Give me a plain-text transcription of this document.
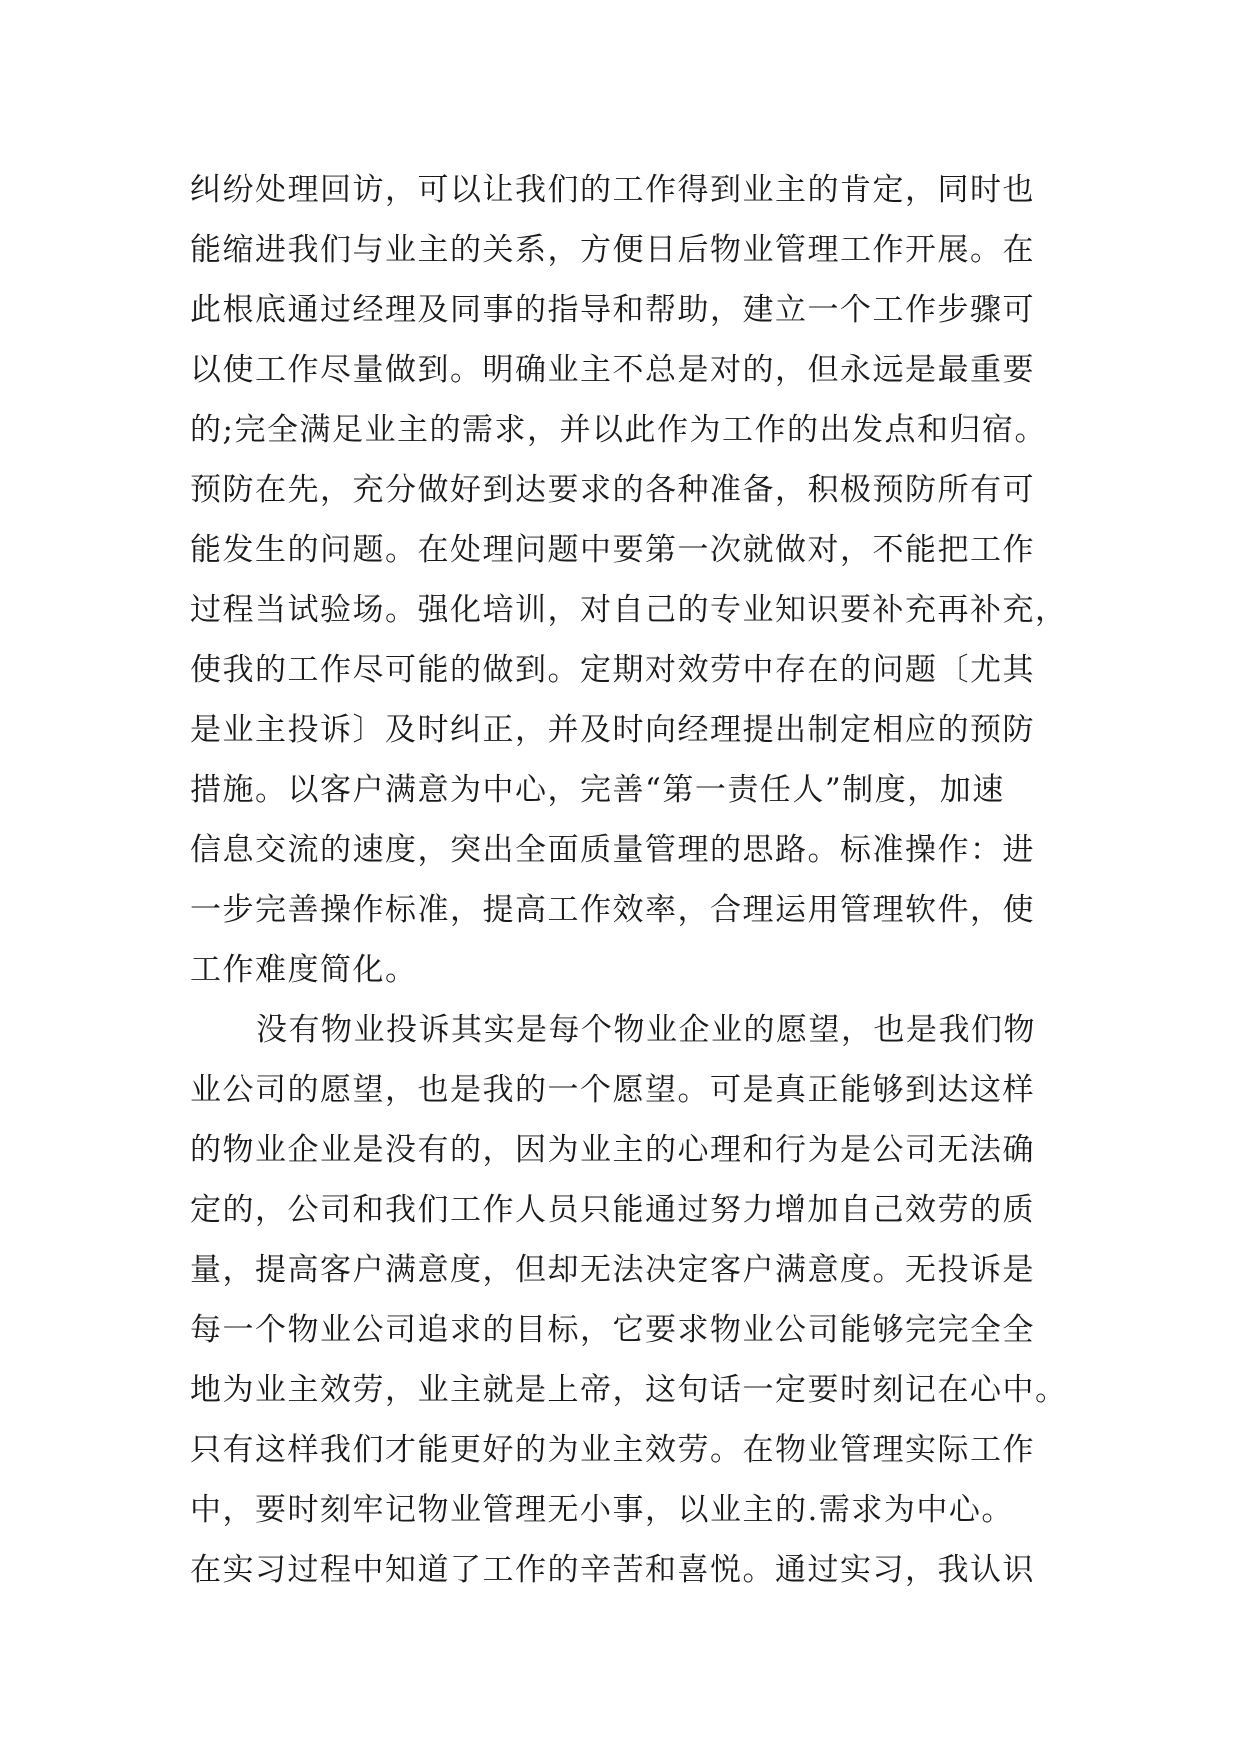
纠纷处理回访，可以让我们的工作得到业主的肯定，同时也
能缩进我们与业主的关系，方便日后物业管理工作开展。在
此根底通过经理及同事的指导和帮助，建立一个工作步骤可
以使工作尽量做到。明确业主不总是对的，但永远是最重要
的;完全满足业主的需求，并以此作为工作的出发点和归宿。
预防在先，充分做好到达要求的各种准备，积极预防所有可
能发生的问题。在处理问题中要第一次就做对，不能把工作
过程当试验场。强化培训，对自己的专业知识要补充再补充，
使我的工作尽可能的做到。定期对效劳中存在的问题〔尤其
是业主投诉〕及时纠正，并及时向经理提出制定相应的预防
措施。以客户满意为中心，完善“第一责任人”制度，加速
信息交流的速度，突出全面质量管理的思路。标准操作：进
一步完善操作标准，提高工作效率，合理运用管理软件，使
工作难度简化。
没有物业投诉其实是每个物业企业的愿望，也是我们物
业公司的愿望，也是我的一个愿望。可是真正能够到达这样
的物业企业是没有的，因为业主的心理和行为是公司无法确
定的，公司和我们工作人员只能通过努力增加自己效劳的质
量，提高客户满意度，但却无法决定客户满意度。无投诉是
每一个物业公司追求的目标，它要求物业公司能够完完全全
地为业主效劳，业主就是上帝，这句话一定要时刻记在心中。
只有这样我们才能更好的为业主效劳。在物业管理实际工作
中，要时刻牢记物业管理无小事，以业主的.需求为中心。
在实习过程中知道了工作的辛苦和喜悦。通过实习，我认识
